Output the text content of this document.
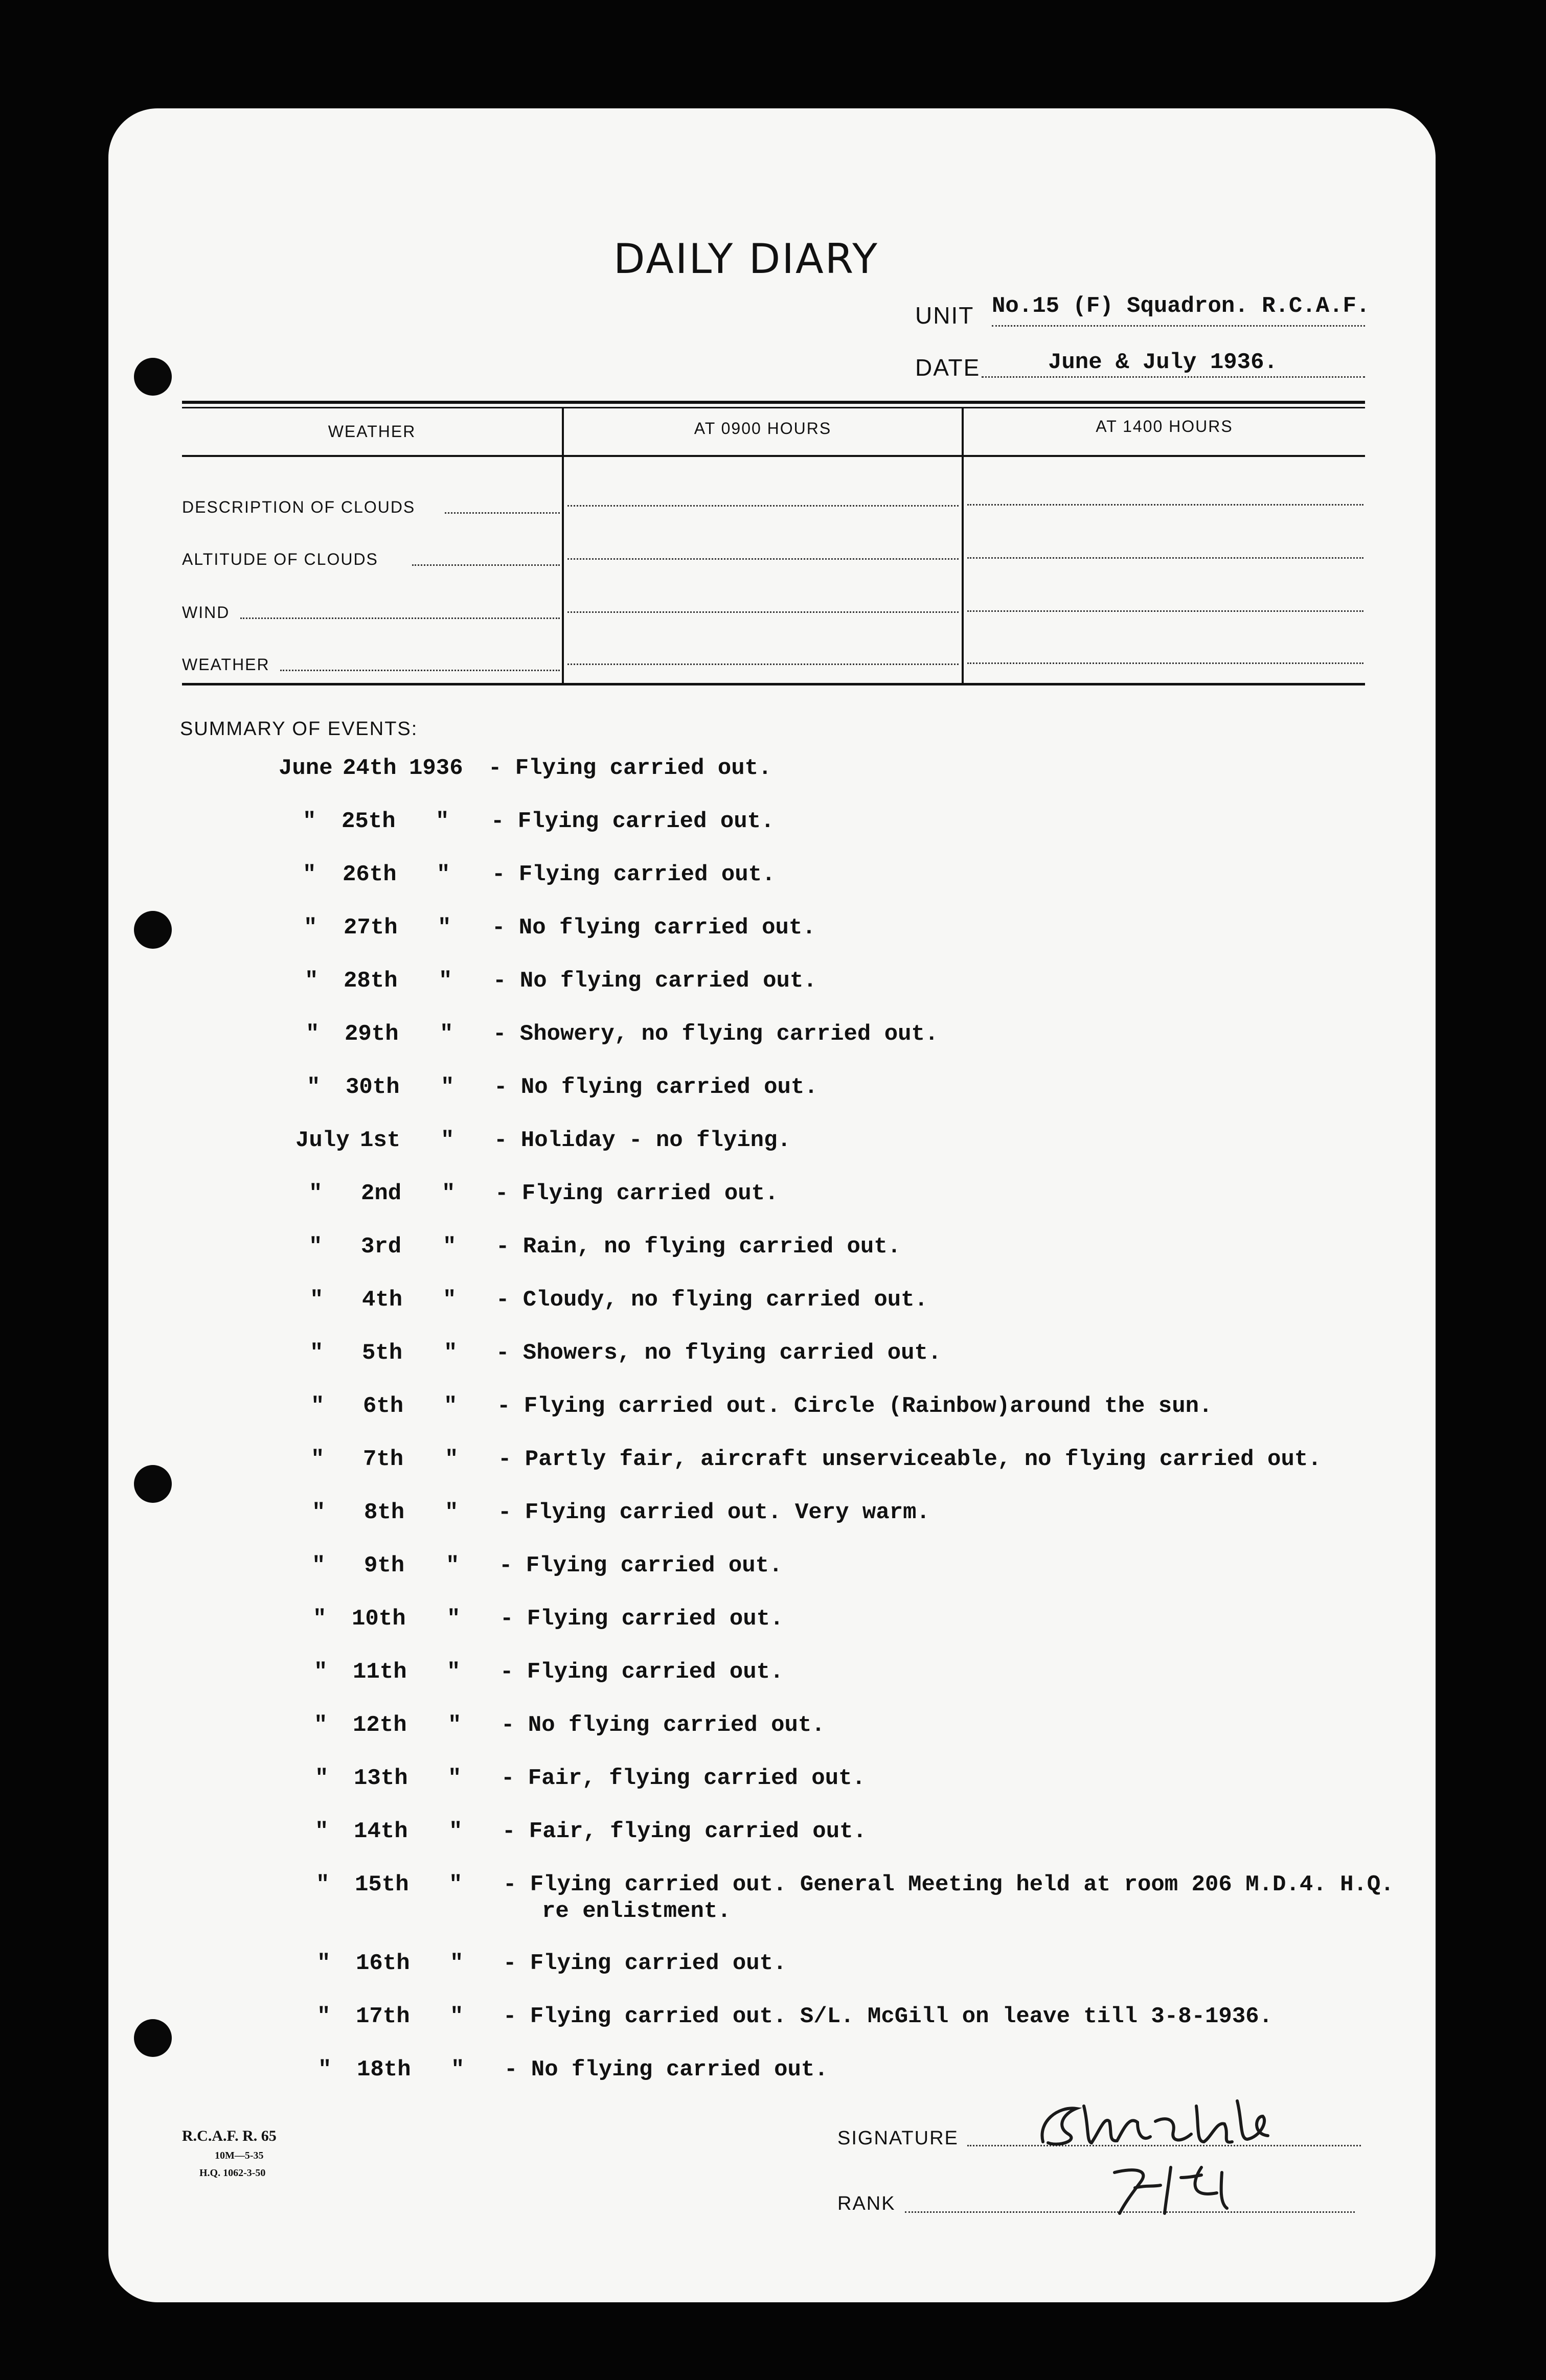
DAILY DIARY
UNIT No.15 (F) Squadron. R.C.A.F.
DATE	June & July 1936.
WEATHER	AT 0900 HOURS	AT 1400 HOURS
DESCRIPTION OF CLOUDS
ALTITUDE OF CLOUDS
WIND
WEATHER
SUMMARY OF EVENTS:
June 24th 1936 - Flying carried out.
" 25th " - Flying carried out.
" 26th " - Flying carried out.
" 27th " - No flying carried out.
" 28th " - No flying carried out.
" 29th " - Showery, no flying carried out.
" 30th " - No flying carried out.
July 1st " - Holiday - no flying.
" 2nd " - Flying carried out.
" 3rd " - Rain, no flying carried out.
" 4th " - Cloudy, no flying carried out.
" 5th " - Showers, no flying carried out.
" 6th " - Flying carried out. Circle (Rainbow)around the sun.
" 7th " - Partly fair, aircraft unserviceable, no flying carried out.
" 8th " - Flying carried out. Very warm.
" 9th " - Flying carried out.
" 10th " - Flying carried out.
" 11th " - Flying carried out.
" 12th " - No flying carried out.
" 13th " - Fair, flying carried out.
" 14th " - Fair, flying carried out.
" 15th " - Flying carried out. General Meeting held at room 206 M.D.4. H.Q.
re enlistment.
" 16th " - Flying carried out.
" 17th " - Flying carried out. S/L. McGill on leave till 3-8-1936.
" 18th " - No flying carried out.
R.C.A.F. R. 65
10M—5-35
H.Q. 1062-3-50
SIGNATURE
RANK
